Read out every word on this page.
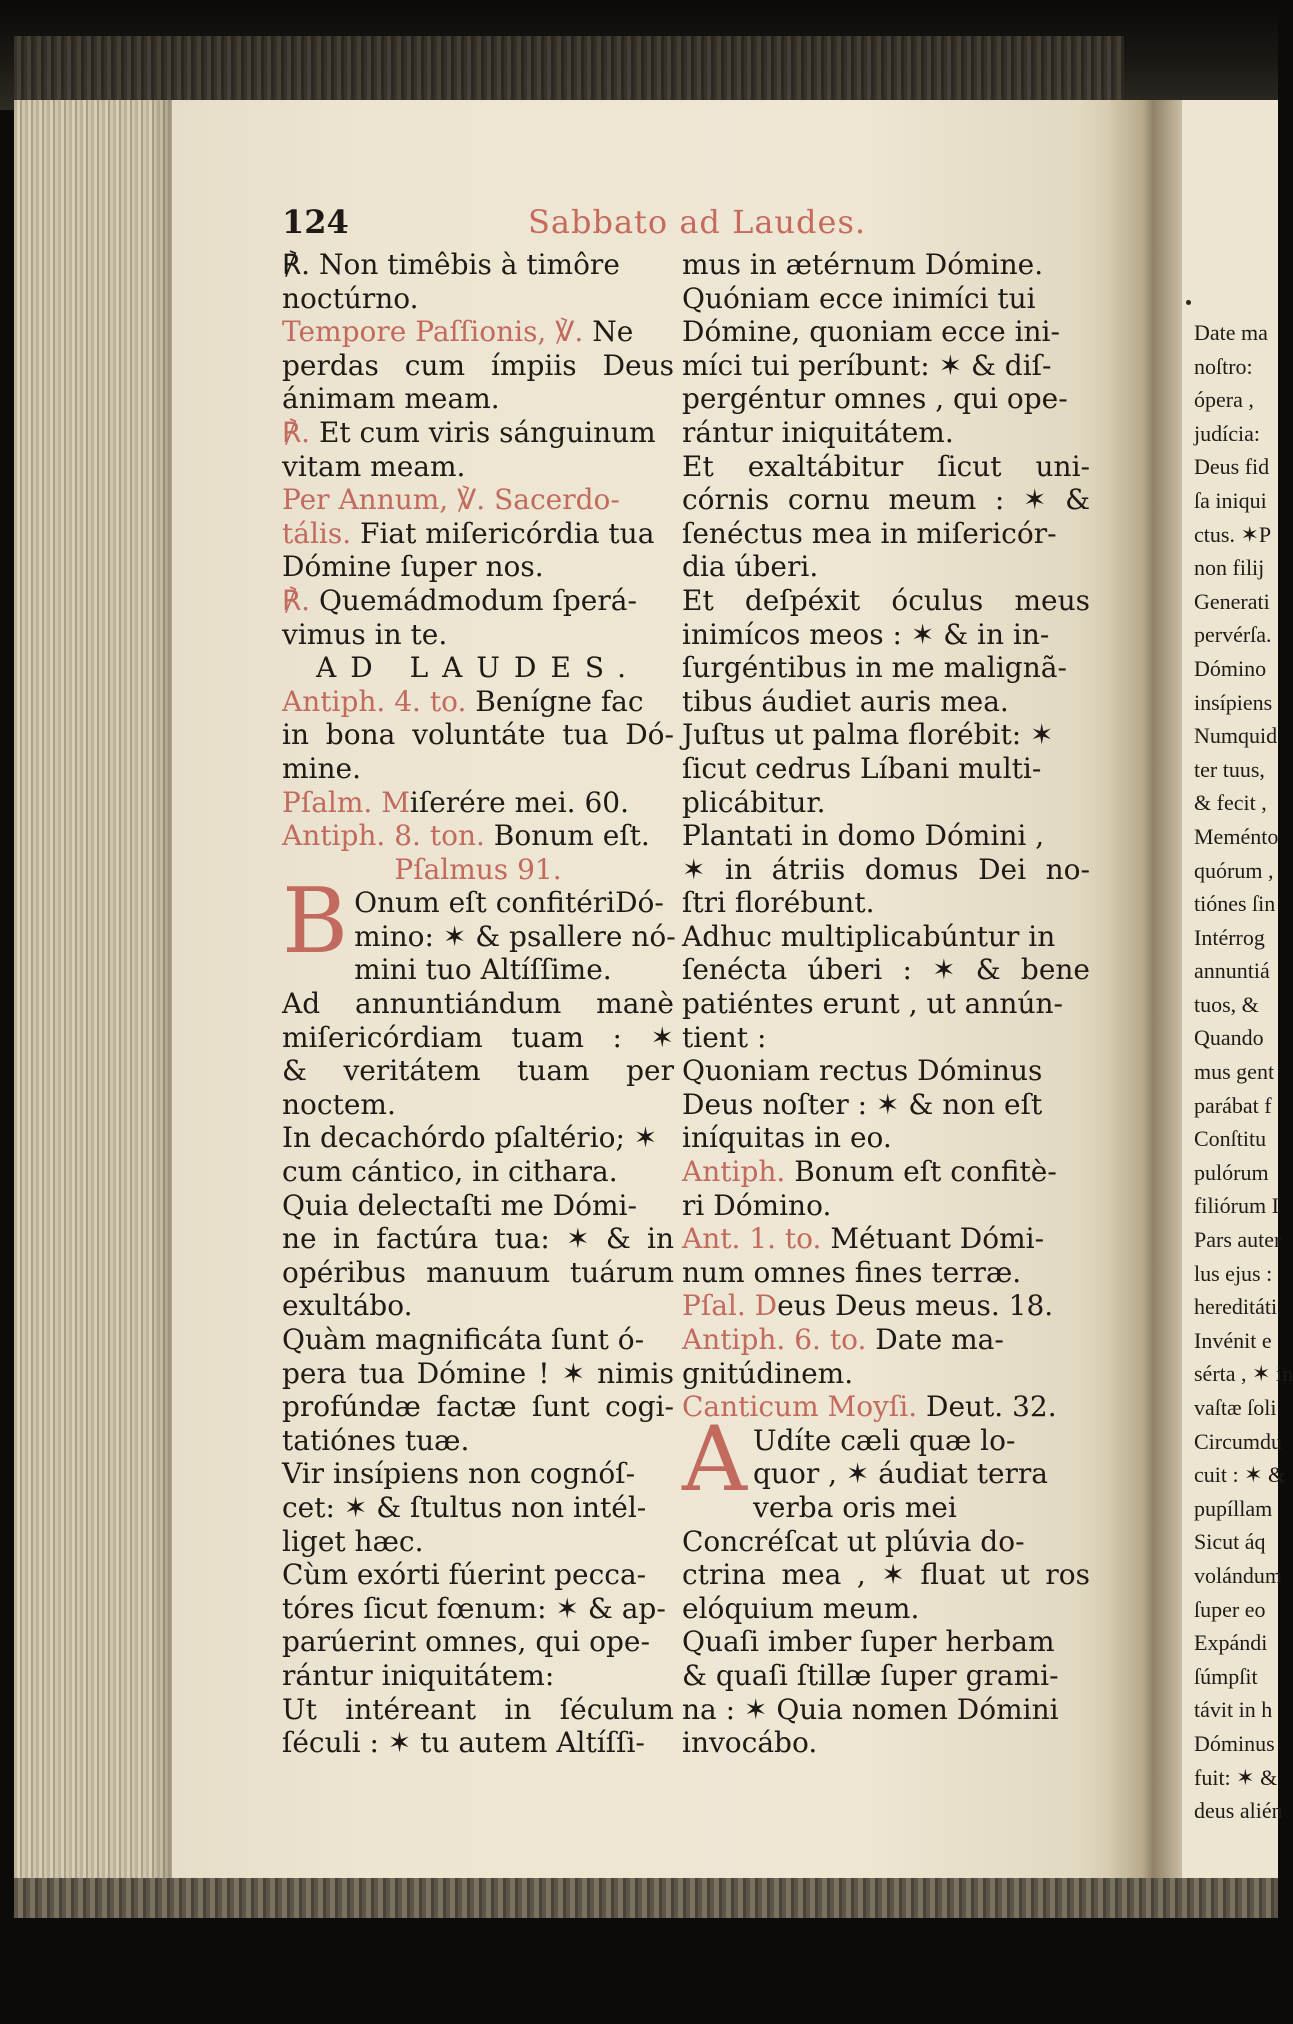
124	Sabbato ad Laudes.
℟. Non timêbis à timôre
noctúrno.
Tempore Paſſionis, ℣. Ne
perdas cum ímpiis Deus
ánimam meam.
℟. Et cum viris sánguinum
vitam meam.
Per Annum, ℣. Sacerdo-
tális. Fiat miſericórdia tua
Dómine ſuper nos.
℟. Quemádmodum ſperá-
vimus in te.
AD LAUDES.
Antiph. 4. to. Benígne fac
in bona voluntáte tua Dó-
mine.
Pſalm. Miſerére mei. 60.
Antiph. 8. ton. Bonum eſt.
Pſalmus 91.
B Onum eſt confitériDó-
mino: ✶ & psallere nó-
mini tuo Altíſſime.
Ad annuntiándum manè
miſericórdiam tuam : ✶
& veritátem tuam per
noctem.
In decachórdo pſaltério; ✶
cum cántico, in cithara.
Quia delectaſti me Dómi-
ne in factúra tua: ✶ & in
opéribus manuum tuárum
exultábo.
Quàm magnificáta ſunt ó-
pera tua Dómine ! ✶ nimis
profúndæ factæ ſunt cogi-
tatiónes tuæ.
Vir insípiens non cognóſ-
cet: ✶ & ſtultus non intél-
liget hæc.
Cùm exórti fúerint pecca-
tóres ſicut fœnum: ✶ & ap-
parúerint omnes, qui ope-
rántur iniquitátem:
Ut intéreant in ſéculum
ſéculi : ✶ tu autem Altíſſi-
mus in ætérnum Dómine.
Quóniam ecce inimíci tui
Dómine, quoniam ecce ini-
míci tui períbunt: ✶ & diſ-
pergéntur omnes , qui ope-
rántur iniquitátem.
Et exaltábitur ſicut uni-
córnis cornu meum : ✶ &
ſenéctus mea in miſericór-
dia úberi.
Et deſpéxit óculus meus
inimícos meos : ✶ & in in-
ſurgéntibus in me malignã-
tibus áudiet auris mea.
Juſtus ut palma florébit: ✶
ſicut cedrus Líbani multi-
plicábitur.
Plantati in domo Dómini ,
✶ in átriis domus Dei no-
ſtri florébunt.
Adhuc multiplicabúntur in
ſenécta úberi : ✶ & bene
patiéntes erunt , ut annún-
tient :
Quoniam rectus Dóminus
Deus noſter : ✶ & non eſt
iníquitas in eo.
Antiph. Bonum eſt confitè-
ri Dómino.
Ant. 1. to. Métuant Dómi-
num omnes fines terræ.
Pſal. Deus Deus meus. 18.
Antiph. 6. to. Date ma-
gnitúdinem.
Canticum Moyſi. Deut. 32.
A Udíte cæli quæ lo-
quor , ✶ áudiat terra
verba oris mei
Concréſcat ut plúvia do-
ctrina mea , ✶ fluat ut ros
elóquium meum.
Quaſi imber ſuper herbam
& quaſi ſtillæ ſuper grami-
na : ✶ Quia nomen Dómini
invocábo.
Date ma
noſtro:
ópera ,
judícia:
Deus fid
ſa iniqui
ctus. ✶P
non filij
Generati
pervérſa.
Dómino
insípiens
Numquid
ter tuus,
& fecit ,
Meménto
quórum ,
tiónes ſin
Intérrog
annuntiá
tuos, &
Quando
mus gent
parábat f
Conſtitu
pulórum
filiórum I
Pars auter
lus ejus :
hereditáti
Invénit e
sérta , ✶ in
vaſtæ ſoli
Circumdu
cuit : ✶ &
pupíllam
Sicut áq
volándum
ſuper eo
Expándi
ſúmpſit
távit in h
Dóminus
fuit: ✶ &
deus alién
